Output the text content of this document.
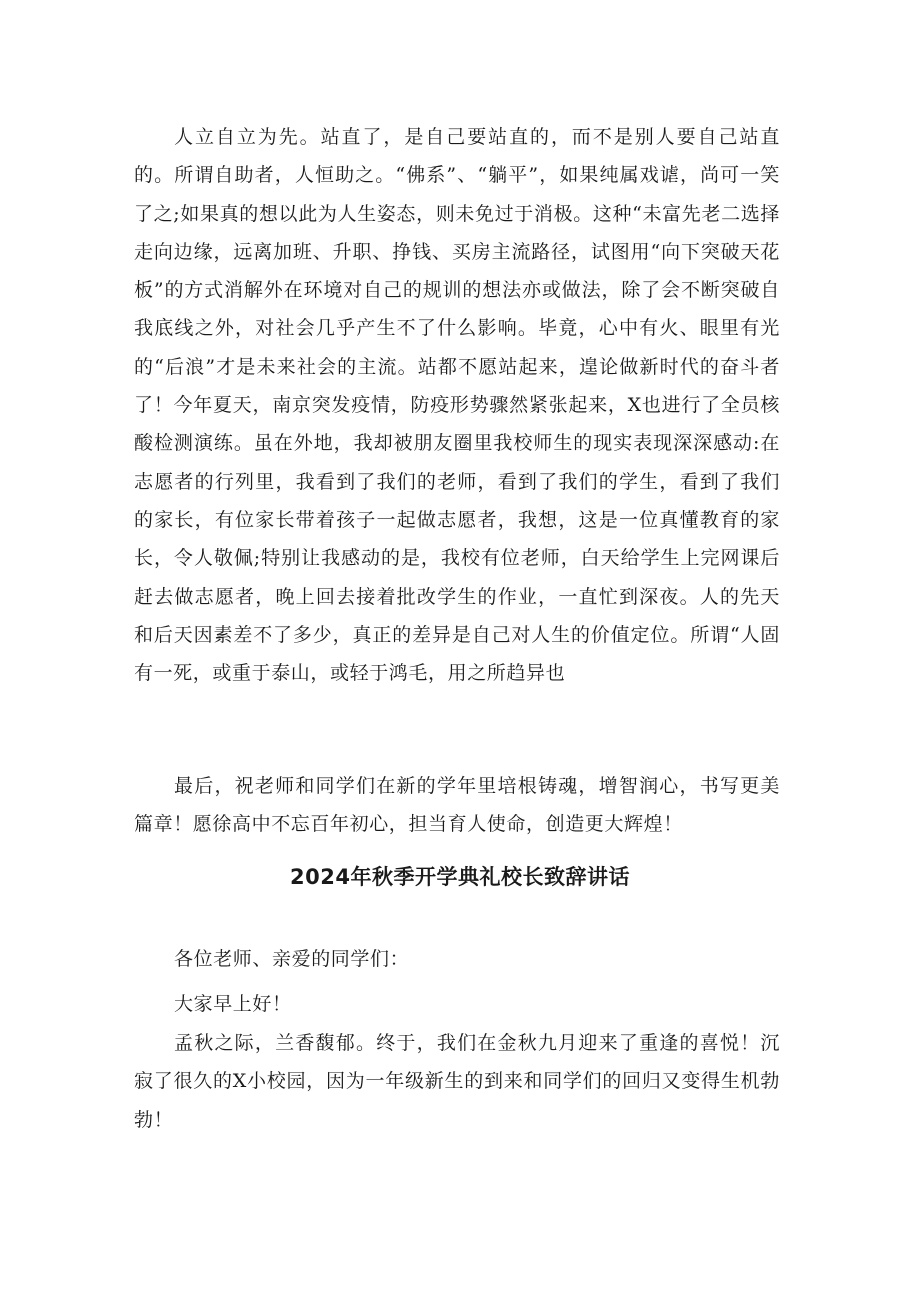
人立自立为先。站直了，是自己要站直的，而不是别人要自己站直的。所谓自助者，人恒助之。“佛系”、“躺平”，如果纯属戏谑，尚可一笑了之;如果真的想以此为人生姿态，则未免过于消极。这种“未富先老二选择走向边缘，远离加班、升职、挣钱、买房主流路径，试图用“向下突破天花板”的方式消解外在环境对自己的规训的想法亦或做法，除了会不断突破自我底线之外，对社会几乎产生不了什么影响。毕竟，心中有火、眼里有光的“后浪”才是未来社会的主流。站都不愿站起来，遑论做新时代的奋斗者了！今年夏天，南京突发疫情，防疫形势骤然紧张起来，X也进行了全员核酸检测演练。虽在外地，我却被朋友圈里我校师生的现实表现深深感动:在志愿者的行列里，我看到了我们的老师，看到了我们的学生，看到了我们的家长，有位家长带着孩子一起做志愿者，我想，这是一位真懂教育的家长，令人敬佩;特别让我感动的是，我校有位老师，白天给学生上完网课后赶去做志愿者，晚上回去接着批改学生的作业，一直忙到深夜。人的先天和后天因素差不了多少，真正的差异是自己对人生的价值定位。所谓“人固有一死，或重于泰山，或轻于鸿毛，用之所趋异也

最后，祝老师和同学们在新的学年里培根铸魂，增智润心，书写更美篇章！愿徐高中不忘百年初心，担当育人使命，创造更大辉煌！

2024年秋季开学典礼校长致辞讲话

各位老师、亲爱的同学们：

大家早上好！

孟秋之际，兰香馥郁。终于，我们在金秋九月迎来了重逢的喜悦！沉寂了很久的X小校园，因为一年级新生的到来和同学们的回归又变得生机勃勃！
